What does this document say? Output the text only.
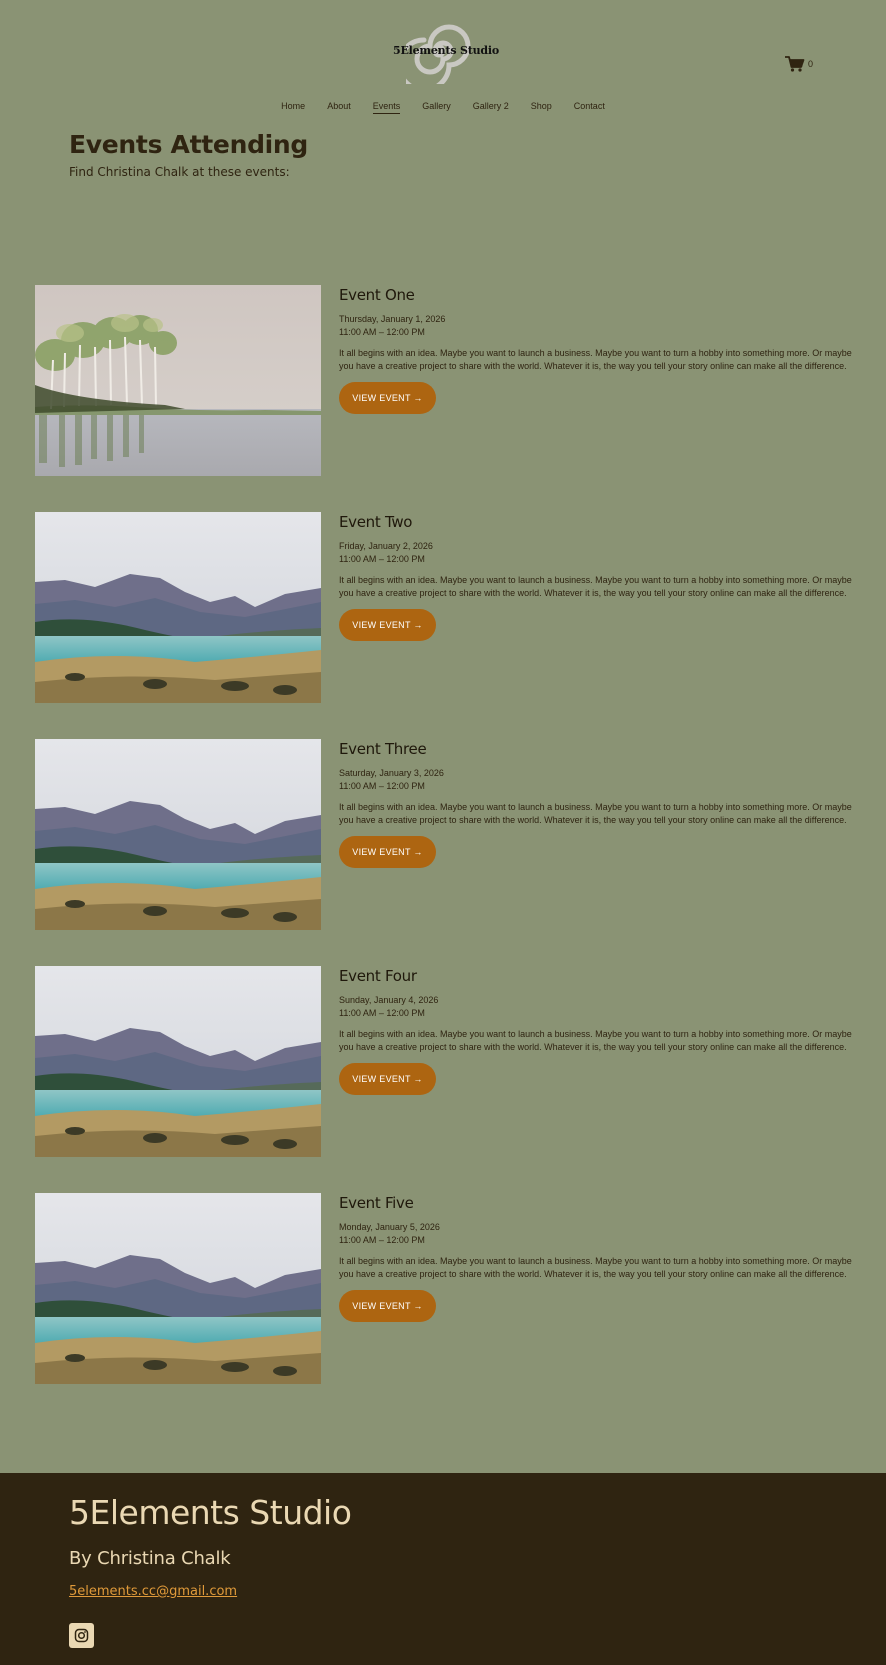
5Elements Studio
0
Home About Events Gallery Gallery 2 Shop Contact
Events Attending

Find Christina Chalk at these events:

Event One
Thursday, January 1, 2026
11:00 AM – 12:00 PM

It all begins with an idea. Maybe you want to launch a business. Maybe you want to turn a hobby into something more. Or maybe you have a creative project to share with the world. Whatever it is, the way you tell your story online can make all the difference.

VIEW EVENT →
Event Two
Friday, January 2, 2026
11:00 AM – 12:00 PM

It all begins with an idea. Maybe you want to launch a business. Maybe you want to turn a hobby into something more. Or maybe you have a creative project to share with the world. Whatever it is, the way you tell your story online can make all the difference.

VIEW EVENT →
Event Three
Saturday, January 3, 2026
11:00 AM – 12:00 PM

It all begins with an idea. Maybe you want to launch a business. Maybe you want to turn a hobby into something more. Or maybe you have a creative project to share with the world. Whatever it is, the way you tell your story online can make all the difference.

VIEW EVENT →
Event Four
Sunday, January 4, 2026
11:00 AM – 12:00 PM

It all begins with an idea. Maybe you want to launch a business. Maybe you want to turn a hobby into something more. Or maybe you have a creative project to share with the world. Whatever it is, the way you tell your story online can make all the difference.

VIEW EVENT →
Event Five
Monday, January 5, 2026
11:00 AM – 12:00 PM

It all begins with an idea. Maybe you want to launch a business. Maybe you want to turn a hobby into something more. Or maybe you have a creative project to share with the world. Whatever it is, the way you tell your story online can make all the difference.

VIEW EVENT →
5Elements Studio

By Christina Chalk

5elements.cc@gmail.com
